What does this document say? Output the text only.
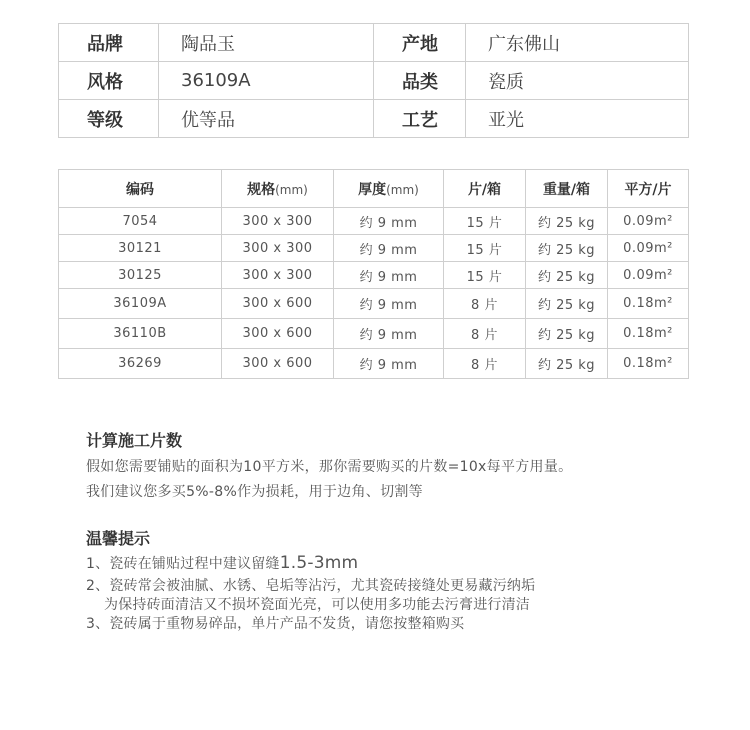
品牌	陶品玉	产地	广东佛山
风格	36109A	品类	瓷质
等级	优等品	工艺	亚光
编码	规格(mm)	厚度(mm)	片/箱	重量/箱	平方/片
7054	300 x 300	约 9 mm	15 片	约 25 kg	0.09m²
30121	300 x 300	约 9 mm	15 片	约 25 kg	0.09m²
30125	300 x 300	约 9 mm	15 片	约 25 kg	0.09m²
36109A	300 x 600	约 9 mm	8 片	约 25 kg	0.18m²
36110B	300 x 600	约 9 mm	8 片	约 25 kg	0.18m²
36269	300 x 600	约 9 mm	8 片	约 25 kg	0.18m²
计算施工片数
假如您需要铺贴的面积为10平方米，那你需要购买的片数=10x每平方用量。
我们建议您多买5%-8%作为损耗，用于边角、切割等
温馨提示
1、瓷砖在铺贴过程中建议留缝1.5-3mm
2、瓷砖常会被油腻、水锈、皂垢等沾污，尤其瓷砖接缝处更易藏污纳垢
为保持砖面清洁又不损坏瓷面光亮，可以使用多功能去污膏进行清洁
3、瓷砖属于重物易碎品，单片产品不发货，请您按整箱购买
